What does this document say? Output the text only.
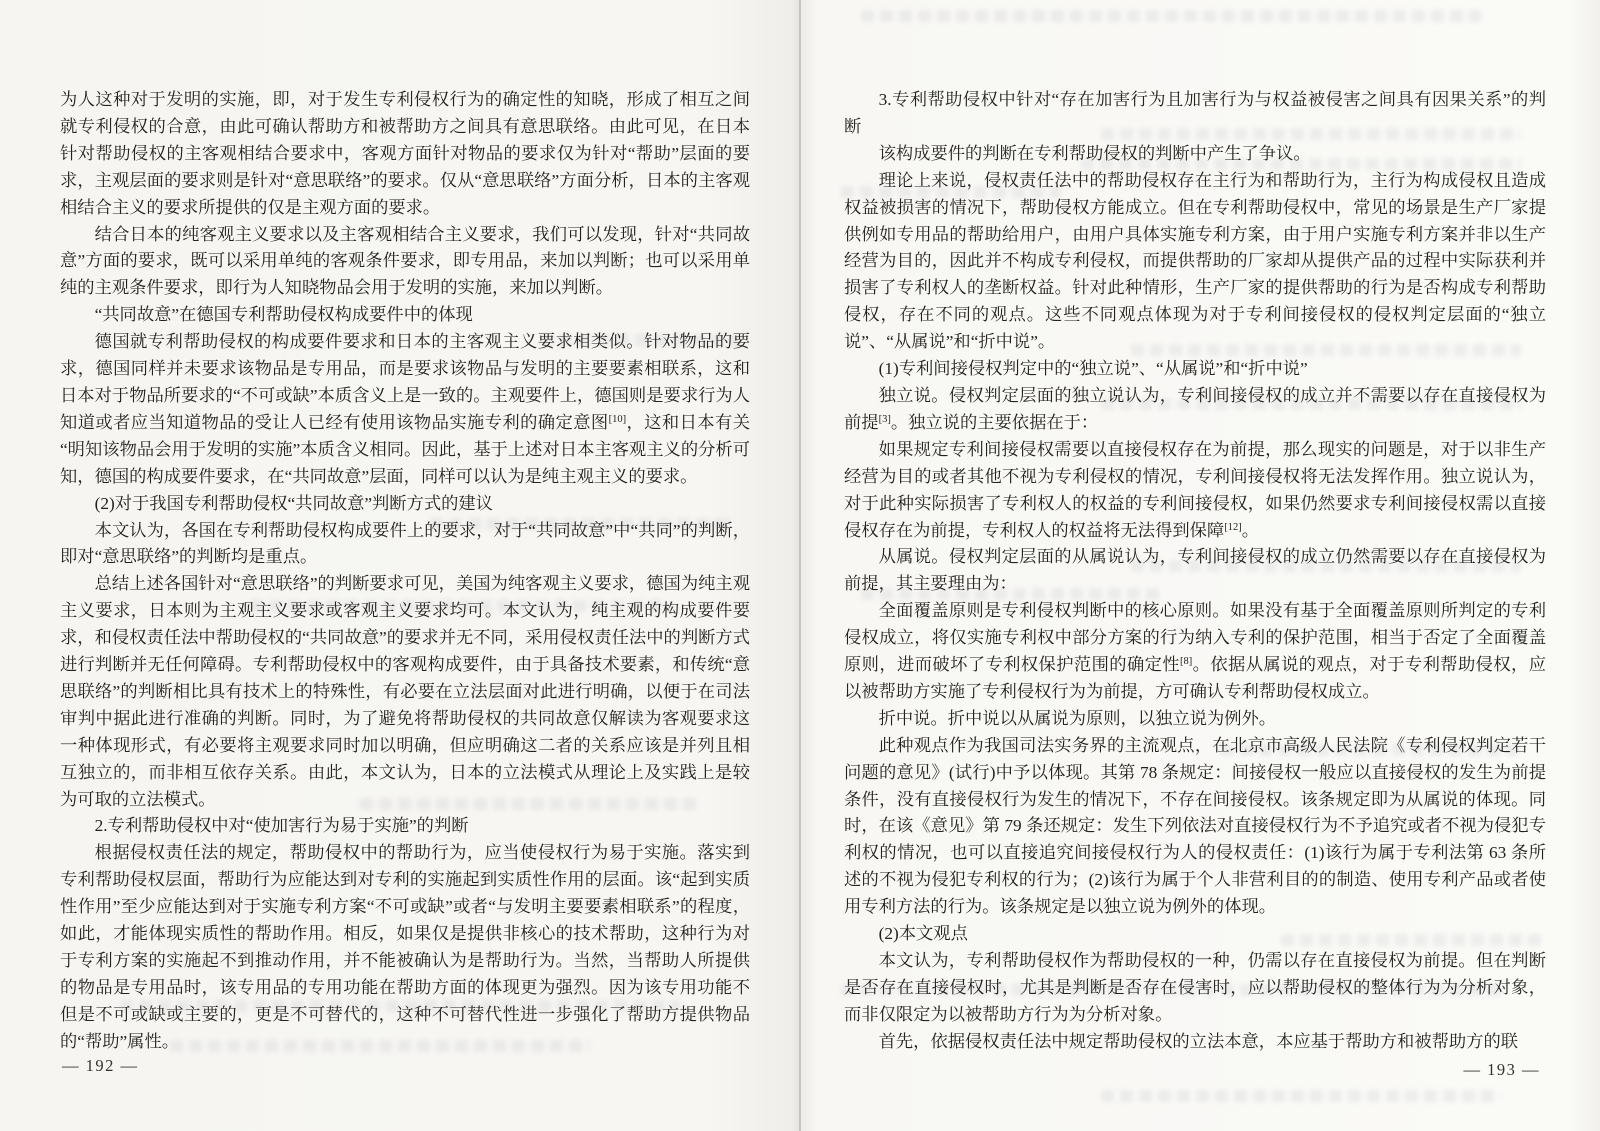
为人这种对于发明的实施，即，对于发生专利侵权行为的确定性的知晓，形成了相互之间就专利侵权的合意，由此可确认帮助方和被帮助方之间具有意思联络。由此可见，在日本针对帮助侵权的主客观相结合要求中，客观方面针对物品的要求仅为针对“帮助”层面的要求，主观层面的要求则是针对“意思联络”的要求。仅从“意思联络”方面分析，日本的主客观相结合主义的要求所提供的仅是主观方面的要求。

结合日本的纯客观主义要求以及主客观相结合主义要求，我们可以发现，针对“共同故意”方面的要求，既可以采用单纯的客观条件要求，即专用品，来加以判断；也可以采用单纯的主观条件要求，即行为人知晓物品会用于发明的实施，来加以判断。

“共同故意”在德国专利帮助侵权构成要件中的体现

德国就专利帮助侵权的构成要件要求和日本的主客观主义要求相类似。针对物品的要求，德国同样并未要求该物品是专用品，而是要求该物品与发明的主要要素相联系，这和日本对于物品所要求的“不可或缺”本质含义上是一致的。主观要件上，德国则是要求行为人知道或者应当知道物品的受让人已经有使用该物品实施专利的确定意图[10]，这和日本有关“明知该物品会用于发明的实施”本质含义相同。因此，基于上述对日本主客观主义的分析可知，德国的构成要件要求，在“共同故意”层面，同样可以认为是纯主观主义的要求。

(2)对于我国专利帮助侵权“共同故意”判断方式的建议

本文认为，各国在专利帮助侵权构成要件上的要求，对于“共同故意”中“共同”的判断，即对“意思联络”的判断均是重点。

总结上述各国针对“意思联络”的判断要求可见，美国为纯客观主义要求，德国为纯主观主义要求，日本则为主观主义要求或客观主义要求均可。本文认为，纯主观的构成要件要求，和侵权责任法中帮助侵权的“共同故意”的要求并无不同，采用侵权责任法中的判断方式进行判断并无任何障碍。专利帮助侵权中的客观构成要件，由于具备技术要素，和传统“意思联络”的判断相比具有技术上的特殊性，有必要在立法层面对此进行明确，以便于在司法审判中据此进行准确的判断。同时，为了避免将帮助侵权的共同故意仅解读为客观要求这一种体现形式，有必要将主观要求同时加以明确，但应明确这二者的关系应该是并列且相互独立的，而非相互依存关系。由此，本文认为，日本的立法模式从理论上及实践上是较为可取的立法模式。

2.专利帮助侵权中对“使加害行为易于实施”的判断

根据侵权责任法的规定，帮助侵权中的帮助行为，应当使侵权行为易于实施。落实到专利帮助侵权层面，帮助行为应能达到对专利的实施起到实质性作用的层面。该“起到实质性作用”至少应能达到对于实施专利方案“不可或缺”或者“与发明主要要素相联系”的程度，如此，才能体现实质性的帮助作用。相反，如果仅是提供非核心的技术帮助，这种行为对于专利方案的实施起不到推动作用，并不能被确认为是帮助行为。当然，当帮助人所提供的物品是专用品时，该专用品的专用功能在帮助方面的体现更为强烈。因为该专用功能不但是不可或缺或主要的，更是不可替代的，这种不可替代性进一步强化了帮助方提供物品的“帮助”属性。

— 192 —

3.专利帮助侵权中针对“存在加害行为且加害行为与权益被侵害之间具有因果关系”的判断

该构成要件的判断在专利帮助侵权的判断中产生了争议。

理论上来说，侵权责任法中的帮助侵权存在主行为和帮助行为，主行为构成侵权且造成权益被损害的情况下，帮助侵权方能成立。但在专利帮助侵权中，常见的场景是生产厂家提供例如专用品的帮助给用户，由用户具体实施专利方案，由于用户实施专利方案并非以生产经营为目的，因此并不构成专利侵权，而提供帮助的厂家却从提供产品的过程中实际获利并损害了专利权人的垄断权益。针对此种情形，生产厂家的提供帮助的行为是否构成专利帮助侵权，存在不同的观点。这些不同观点体现为对于专利间接侵权的侵权判定层面的“独立说”、“从属说”和“折中说”。

(1)专利间接侵权判定中的“独立说”、“从属说”和“折中说”

独立说。侵权判定层面的独立说认为，专利间接侵权的成立并不需要以存在直接侵权为前提[3]。独立说的主要依据在于：

如果规定专利间接侵权需要以直接侵权存在为前提，那么现实的问题是，对于以非生产经营为目的或者其他不视为专利侵权的情况，专利间接侵权将无法发挥作用。独立说认为，对于此种实际损害了专利权人的权益的专利间接侵权，如果仍然要求专利间接侵权需以直接侵权存在为前提，专利权人的权益将无法得到保障[12]。

从属说。侵权判定层面的从属说认为，专利间接侵权的成立仍然需要以存在直接侵权为前提，其主要理由为：

全面覆盖原则是专利侵权判断中的核心原则。如果没有基于全面覆盖原则所判定的专利侵权成立，将仅实施专利权中部分方案的行为纳入专利的保护范围，相当于否定了全面覆盖原则，进而破坏了专利权保护范围的确定性[8]。依据从属说的观点，对于专利帮助侵权，应以被帮助方实施了专利侵权行为为前提，方可确认专利帮助侵权成立。

折中说。折中说以从属说为原则，以独立说为例外。

此种观点作为我国司法实务界的主流观点，在北京市高级人民法院《专利侵权判定若干问题的意见》(试行)中予以体现。其第 78 条规定：间接侵权一般应以直接侵权的发生为前提条件，没有直接侵权行为发生的情况下，不存在间接侵权。该条规定即为从属说的体现。同时，在该《意见》第 79 条还规定：发生下列依法对直接侵权行为不予追究或者不视为侵犯专利权的情况，也可以直接追究间接侵权行为人的侵权责任：(1)该行为属于专利法第 63 条所述的不视为侵犯专利权的行为；(2)该行为属于个人非营利目的的制造、使用专利产品或者使用专利方法的行为。该条规定是以独立说为例外的体现。

(2)本文观点

本文认为，专利帮助侵权作为帮助侵权的一种，仍需以存在直接侵权为前提。但在判断是否存在直接侵权时，尤其是判断是否存在侵害时，应以帮助侵权的整体行为为分析对象，而非仅限定为以被帮助方行为为分析对象。

首先，依据侵权责任法中规定帮助侵权的立法本意，本应基于帮助方和被帮助方的联

— 193 —
